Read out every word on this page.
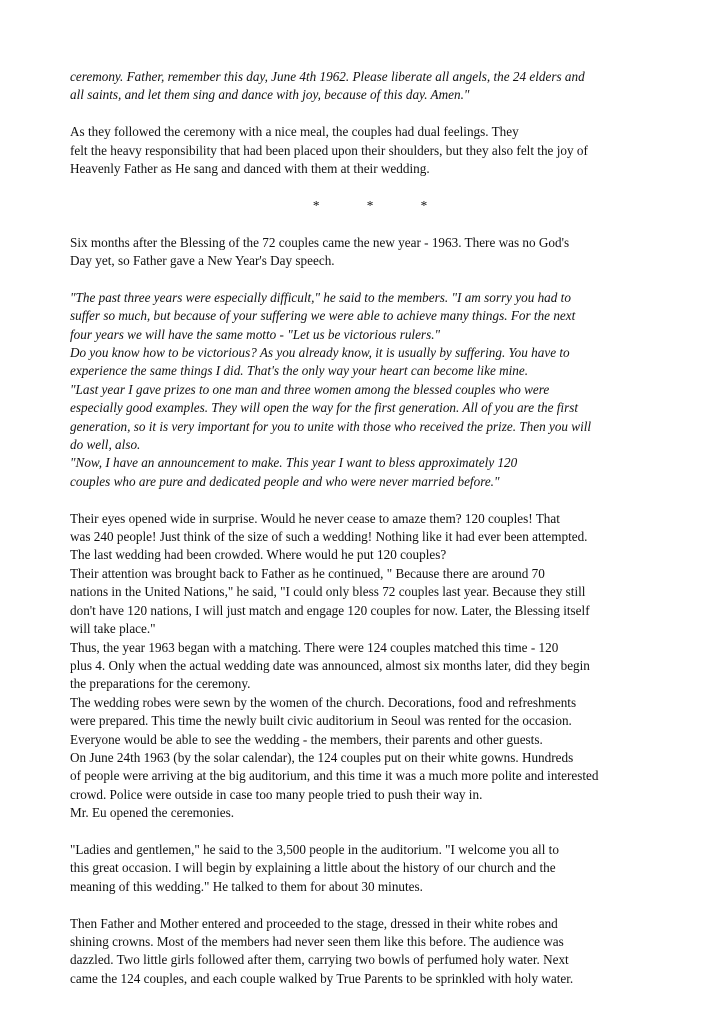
ceremony. Father, remember this day, June 4th 1962. Please liberate all angels, the 24 elders and
all saints, and let them sing and dance with joy, because of this day. Amen."

As they followed the ceremony with a nice meal, the couples had dual feelings. They
felt the heavy responsibility that had been placed upon their shoulders, but they also felt the joy of
Heavenly Father as He sang and danced with them at their wedding.

* * *

Six months after the Blessing of the 72 couples came the new year - 1963. There was no God's
Day yet, so Father gave a New Year's Day speech.

"The past three years were especially difficult," he said to the members. "I am sorry you had to
suffer so much, but because of your suffering we were able to achieve many things. For the next
four years we will have the same motto - "Let us be victorious rulers."
Do you know how to be victorious? As you already know, it is usually by suffering. You have to
experience the same things I did. That's the only way your heart can become like mine.
"Last year I gave prizes to one man and three women among the blessed couples who were
especially good examples. They will open the way for the first generation. All of you are the first
generation, so it is very important for you to unite with those who received the prize. Then you will
do well, also.
"Now, I have an announcement to make. This year I want to bless approximately 120
couples who are pure and dedicated people and who were never married before."

Their eyes opened wide in surprise. Would he never cease to amaze them? 120 couples! That
was 240 people! Just think of the size of such a wedding! Nothing like it had ever been attempted.
The last wedding had been crowded. Where would he put 120 couples?
Their attention was brought back to Father as he continued, " Because there are around 70
nations in the United Nations," he said, "I could only bless 72 couples last year. Because they still
don't have 120 nations, I will just match and engage 120 couples for now. Later, the Blessing itself
will take place."
Thus, the year 1963 began with a matching. There were 124 couples matched this time - 120
plus 4. Only when the actual wedding date was announced, almost six months later, did they begin
the preparations for the ceremony.
The wedding robes were sewn by the women of the church. Decorations, food and refreshments
were prepared. This time the newly built civic auditorium in Seoul was rented for the occasion.
Everyone would be able to see the wedding - the members, their parents and other guests.
On June 24th 1963 (by the solar calendar), the 124 couples put on their white gowns. Hundreds
of people were arriving at the big auditorium, and this time it was a much more polite and interested
crowd. Police were outside in case too many people tried to push their way in.
Mr. Eu opened the ceremonies.

"Ladies and gentlemen," he said to the 3,500 people in the auditorium. "I welcome you all to
this great occasion. I will begin by explaining a little about the history of our church and the
meaning of this wedding." He talked to them for about 30 minutes.

Then Father and Mother entered and proceeded to the stage, dressed in their white robes and
shining crowns. Most of the members had never seen them like this before. The audience was
dazzled. Two little girls followed after them, carrying two bowls of perfumed holy water. Next
came the 124 couples, and each couple walked by True Parents to be sprinkled with holy water.
